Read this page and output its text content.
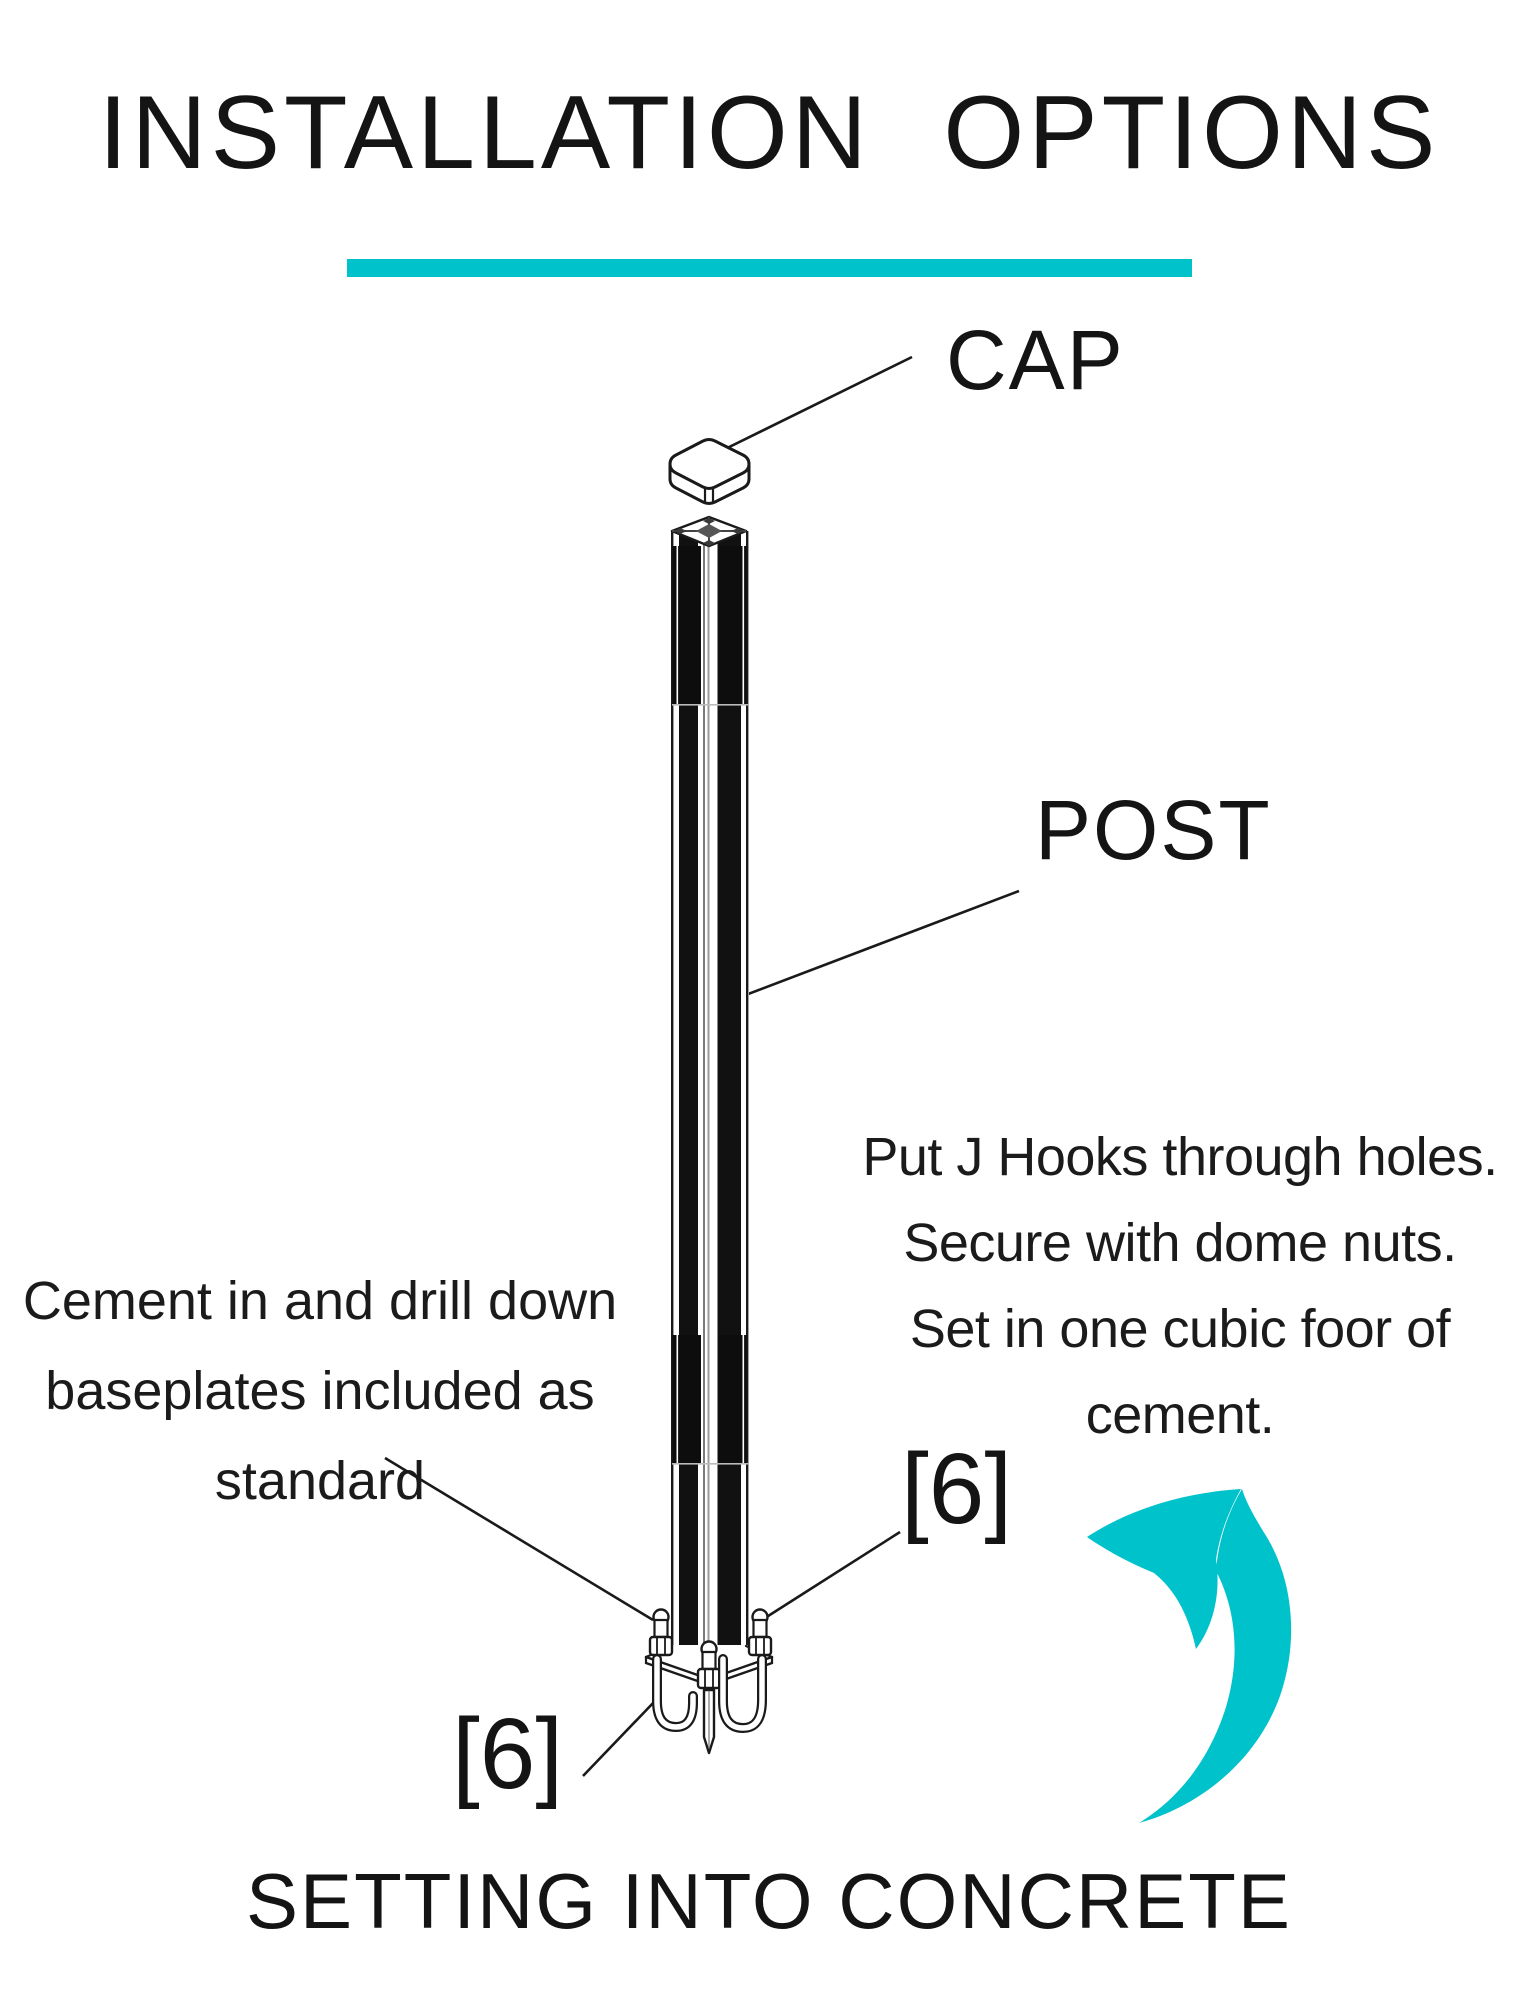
INSTALLATION OPTIONS
CAP
POST
Cement in and drill down
baseplates included as
standard
Put J Hooks through holes.
Secure with dome nuts.
Set in one cubic foor of
cement.
[6]
[6]
SETTING INTO CONCRETE
